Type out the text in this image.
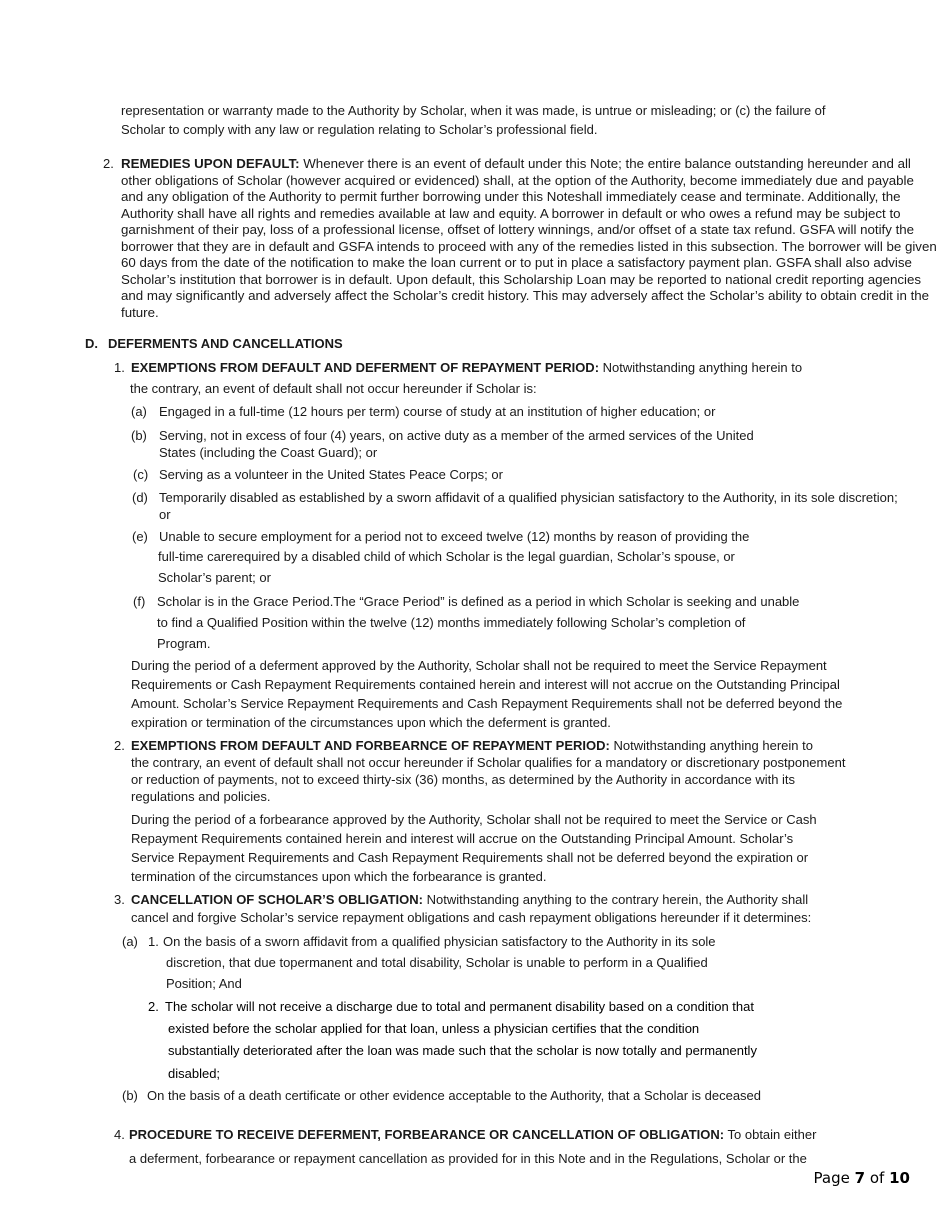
representation or warranty made to the Authority by Scholar, when it was made, is untrue or misleading; or (c) the failure of

Scholar to comply with any law or regulation relating to Scholar’s professional field.

2. REMEDIES UPON DEFAULT: Whenever there is an event of default under this Note; the entire balance outstanding hereunder and all other obligations of Scholar (however acquired or evidenced) shall, at the option of the Authority, become immediately due and payable and any obligation of the Authority to permit further borrowing under this Noteshall immediately cease and terminate. Additionally, the Authority shall have all rights and remedies available at law and equity. A borrower in default or who owes a refund may be subject to garnishment of their pay, loss of a professional license, offset of lottery winnings, and/or offset of a state tax refund. GSFA will notify the borrower that they are in default and GSFA intends to proceed with any of the remedies listed in this subsection. The borrower will be given 60 days from the date of the notification to make the loan current or to put in place a satisfactory payment plan. GSFA shall also advise Scholar’s institution that borrower is in default. Upon default, this Scholarship Loan may be reported to national credit reporting agencies and may significantly and adversely affect the Scholar’s credit history. This may adversely affect the Scholar’s ability to obtain credit in the future.

D. DEFERMENTS AND CANCELLATIONS
1. EXEMPTIONS FROM DEFAULT AND DEFERMENT OF REPAYMENT PERIOD: Notwithstanding anything herein to

the contrary, an event of default shall not occur hereunder if Scholar is:

(a) Engaged in a full-time (12 hours per term) course of study at an institution of higher education; or

(b) Serving, not in excess of four (4) years, on active duty as a member of the armed services of the United

States (including the Coast Guard); or

(c) Serving as a volunteer in the United States Peace Corps; or

(d) Temporarily disabled as established by a sworn affidavit of a qualified physician satisfactory to the Authority, in its sole discretion;

or

(e) Unable to secure employment for a period not to exceed twelve (12) months by reason of providing the

full-time carerequired by a disabled child of which Scholar is the legal guardian, Scholar’s spouse, or

Scholar’s parent; or

(f) Scholar is in the Grace Period.The “Grace Period” is defined as a period in which Scholar is seeking and unable

to find a Qualified Position within the twelve (12) months immediately following Scholar’s completion of

Program.

During the period of a deferment approved by the Authority, Scholar shall not be required to meet the Service Repayment

Requirements or Cash Repayment Requirements contained herein and interest will not accrue on the Outstanding Principal

Amount. Scholar’s Service Repayment Requirements and Cash Repayment Requirements shall not be deferred beyond the

expiration or termination of the circumstances upon which the deferment is granted.

2. EXEMPTIONS FROM DEFAULT AND FORBEARNCE OF REPAYMENT PERIOD: Notwithstanding anything herein to

the contrary, an event of default shall not occur hereunder if Scholar qualifies for a mandatory or discretionary postponement

or reduction of payments, not to exceed thirty-six (36) months, as determined by the Authority in accordance with its

regulations and policies.

During the period of a forbearance approved by the Authority, Scholar shall not be required to meet the Service or Cash

Repayment Requirements contained herein and interest will accrue on the Outstanding Principal Amount. Scholar’s

Service Repayment Requirements and Cash Repayment Requirements shall not be deferred beyond the expiration or

termination of the circumstances upon which the forbearance is granted.

3. CANCELLATION OF SCHOLAR’S OBLIGATION: Notwithstanding anything to the contrary herein, the Authority shall

cancel and forgive Scholar’s service repayment obligations and cash repayment obligations hereunder if it determines:

(a) 1. On the basis of a sworn affidavit from a qualified physician satisfactory to the Authority in its sole

discretion, that due topermanent and total disability, Scholar is unable to perform in a Qualified

Position; And

2. The scholar will not receive a discharge due to total and permanent disability based on a condition that

existed before the scholar applied for that loan, unless a physician certifies that the condition

substantially deteriorated after the loan was made such that the scholar is now totally and permanently

disabled;

(b) On the basis of a death certificate or other evidence acceptable to the Authority, that a Scholar is deceased

4. PROCEDURE TO RECEIVE DEFERMENT, FORBEARANCE OR CANCELLATION OF OBLIGATION: To obtain either

a deferment, forbearance or repayment cancellation as provided for in this Note and in the Regulations, Scholar or the

Page 7 of 10
